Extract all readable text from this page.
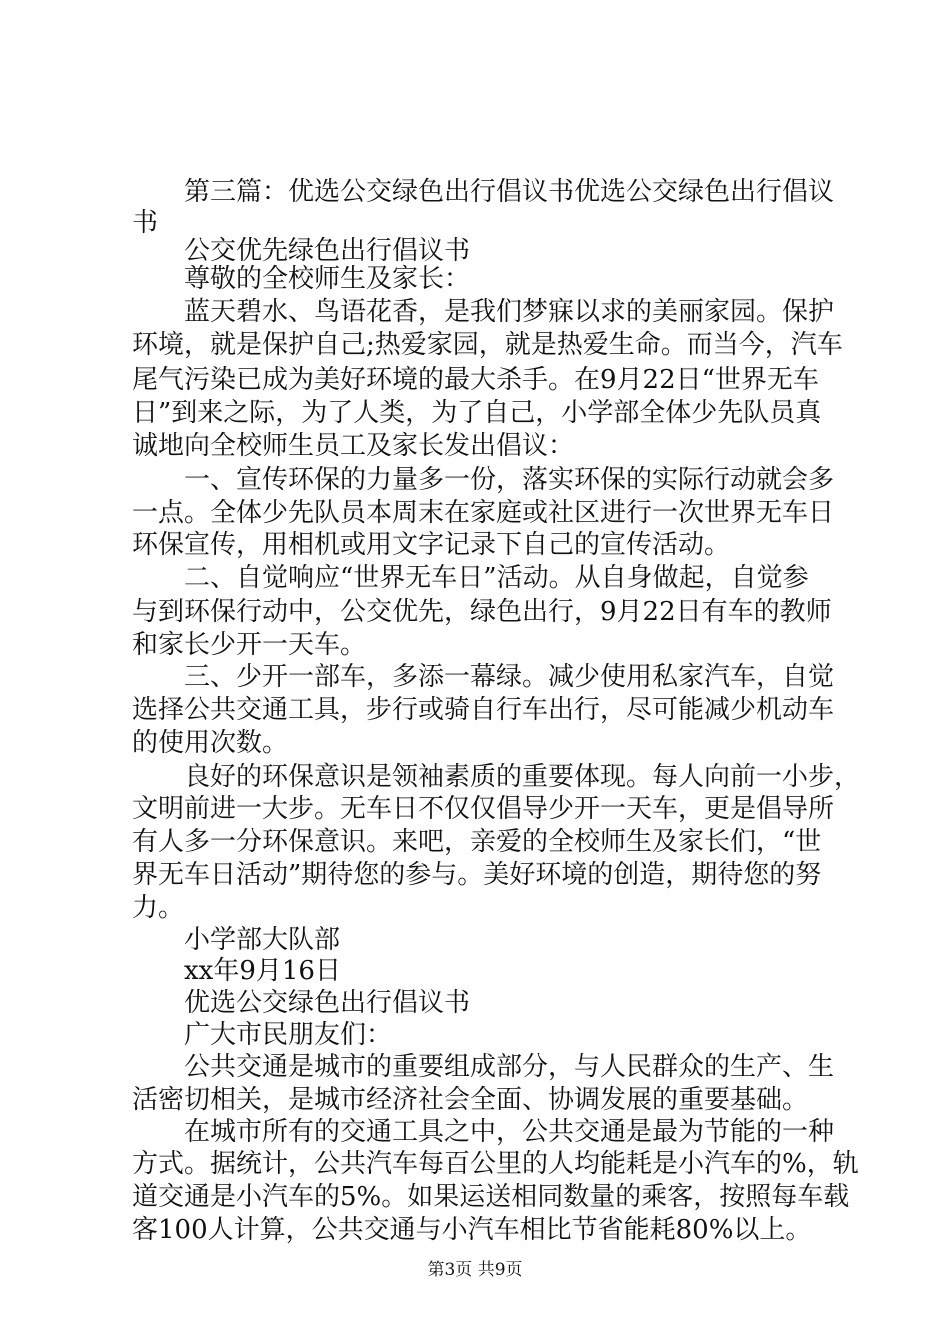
第三篇：优选公交绿色出行倡议书优选公交绿色出行倡议
书
公交优先绿色出行倡议书
尊敬的全校师生及家长：
蓝天碧水、鸟语花香，是我们梦寐以求的美丽家园。保护
环境，就是保护自己;热爱家园，就是热爱生命。而当今，汽车
尾气污染已成为美好环境的最大杀手。在9月22日“世界无车
日”到来之际，为了人类，为了自己，小学部全体少先队员真
诚地向全校师生员工及家长发出倡议：
一、宣传环保的力量多一份，落实环保的实际行动就会多
一点。全体少先队员本周末在家庭或社区进行一次世界无车日
环保宣传，用相机或用文字记录下自己的宣传活动。
二、自觉响应“世界无车日”活动。从自身做起，自觉参
与到环保行动中，公交优先，绿色出行，9月22日有车的教师
和家长少开一天车。
三、少开一部车，多添一幕绿。减少使用私家汽车，自觉
选择公共交通工具，步行或骑自行车出行，尽可能减少机动车
的使用次数。
良好的环保意识是领袖素质的重要体现。每人向前一小步，
文明前进一大步。无车日不仅仅倡导少开一天车，更是倡导所
有人多一分环保意识。来吧，亲爱的全校师生及家长们，“世
界无车日活动”期待您的参与。美好环境的创造，期待您的努
力。
小学部大队部
xx年9月16日
优选公交绿色出行倡议书
广大市民朋友们：
公共交通是城市的重要组成部分，与人民群众的生产、生
活密切相关，是城市经济社会全面、协调发展的重要基础。
在城市所有的交通工具之中，公共交通是最为节能的一种
方式。据统计，公共汽车每百公里的人均能耗是小汽车的%，轨
道交通是小汽车的5%。如果运送相同数量的乘客，按照每车载
客100人计算，公共交通与小汽车相比节省能耗80%以上。
第3页 共9页
